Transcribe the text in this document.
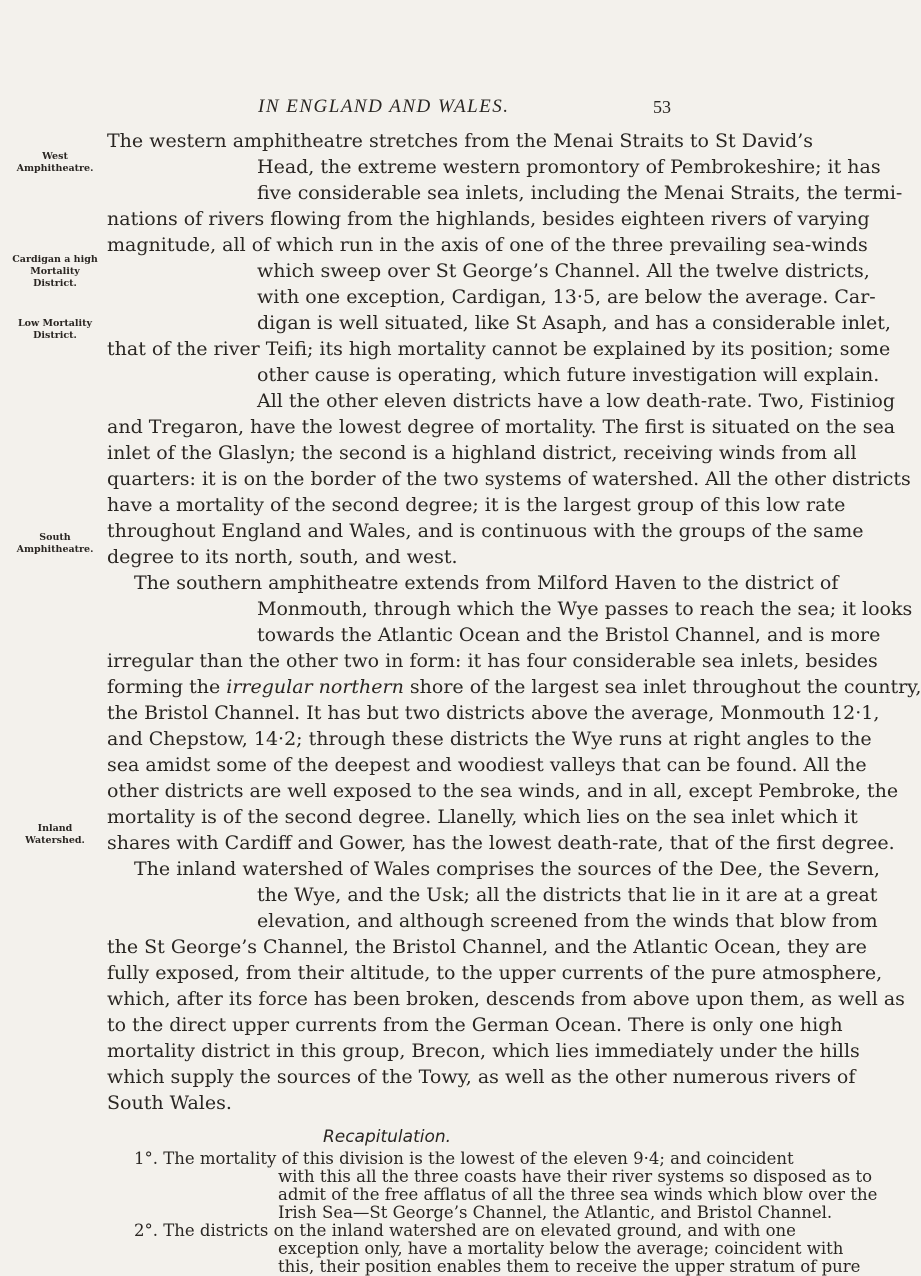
IN ENGLAND AND WALES.	53
West Amphitheatre.
Cardigan a high Mortality District.
Low Mortality District.
South Amphitheatre.
Inland Watershed.
The western amphitheatre stretches from the Menai Straits to St David’s
Head, the extreme western promontory of Pembrokeshire; it has
five considerable sea inlets, including the Menai Straits, the termi-
nations of rivers flowing from the highlands, besides eighteen rivers of varying
magnitude, all of which run in the axis of one of the three prevailing sea-winds
which sweep over St George’s Channel. All the twelve districts,
with one exception, Cardigan, 13·5, are below the average. Car-
digan is well situated, like St Asaph, and has a considerable inlet,
that of the river Teifi; its high mortality cannot be explained by its position; some
other cause is operating, which future investigation will explain.
All the other eleven districts have a low death-rate. Two, Fistiniog
and Tregaron, have the lowest degree of mortality. The first is situated on the sea
inlet of the Glaslyn; the second is a highland district, receiving winds from all
quarters: it is on the border of the two systems of watershed. All the other districts
have a mortality of the second degree; it is the largest group of this low rate
throughout England and Wales, and is continuous with the groups of the same
degree to its north, south, and west.
The southern amphitheatre extends from Milford Haven to the district of
Monmouth, through which the Wye passes to reach the sea; it looks
towards the Atlantic Ocean and the Bristol Channel, and is more
irregular than the other two in form: it has four considerable sea inlets, besides
forming the irregular northern shore of the largest sea inlet throughout the country,
the Bristol Channel. It has but two districts above the average, Monmouth 12·1,
and Chepstow, 14·2; through these districts the Wye runs at right angles to the
sea amidst some of the deepest and woodiest valleys that can be found. All the
other districts are well exposed to the sea winds, and in all, except Pembroke, the
mortality is of the second degree. Llanelly, which lies on the sea inlet which it
shares with Cardiff and Gower, has the lowest death-rate, that of the first degree.
The inland watershed of Wales comprises the sources of the Dee, the Severn,
the Wye, and the Usk; all the districts that lie in it are at a great
elevation, and although screened from the winds that blow from
the St George’s Channel, the Bristol Channel, and the Atlantic Ocean, they are
fully exposed, from their altitude, to the upper currents of the pure atmosphere,
which, after its force has been broken, descends from above upon them, as well as
to the direct upper currents from the German Ocean. There is only one high
mortality district in this group, Brecon, which lies immediately under the hills
which supply the sources of the Towy, as well as the other numerous rivers of
South Wales.
Recapitulation.
1°. The mortality of this division is the lowest of the eleven 9·4; and coincident
with this all the three coasts have their river systems so disposed as to
admit of the free afflatus of all the three sea winds which blow over the
Irish Sea—St George’s Channel, the Atlantic, and Bristol Channel.
2°. The districts on the inland watershed are on elevated ground, and with one
exception only, have a mortality below the average; coincident with
this, their position enables them to receive the upper stratum of pure
